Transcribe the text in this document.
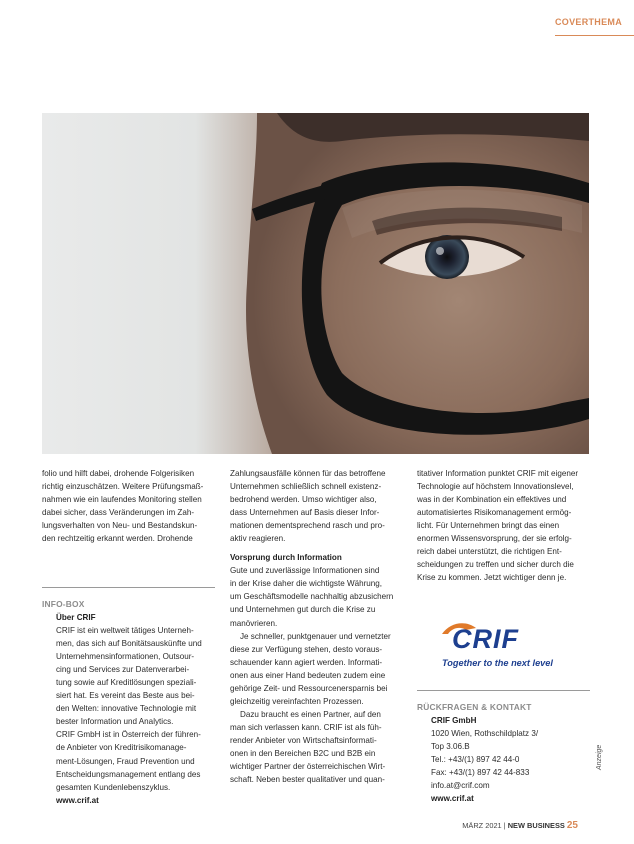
COVERTHEMA

folio und hilft dabei, drohende Folgerisiken

richtig einzuschätzen. Weitere Prüfungsmaß-

nahmen wie ein laufendes Monitoring stellen

dabei sicher, dass Veränderungen im Zah-

lungsverhalten von Neu- und Bestandskun-

den rechtzeitig erkannt werden. Drohende

INFO-BOX

Über CRIF

CRIF ist ein weltweit tätiges Unterneh-

men, das sich auf Bonitätsauskünfte und

Unternehmensinformationen, Outsour-

cing und Services zur Datenverarbei-

tung sowie auf Kreditlösungen speziali-

siert hat. Es vereint das Beste aus bei-

den Welten: innovative Technologie mit

bester Information und Analytics.

CRIF GmbH ist in Österreich der führen-

de Anbieter von Kreditrisikomanage-

ment-Lösungen, Fraud Prevention und

Entscheidungsmanagement entlang des

gesamten Kundenlebenszyklus.

www.crif.at

Zahlungsausfälle können für das betroffene

Unternehmen schließlich schnell existenz-

bedrohend werden. Umso wichtiger also,

dass Unternehmen auf Basis dieser Infor-

mationen dementsprechend rasch und pro-

aktiv reagieren.

Vorsprung durch Information

Gute und zuverlässige Informationen sind

in der Krise daher die wichtigste Währung,

um Geschäftsmodelle nachhaltig abzusichern

und Unternehmen gut durch die Krise zu

manövrieren.

Je schneller, punktgenauer und vernetzter

diese zur Verfügung stehen, desto voraus-

schauender kann agiert werden. Informati-

onen aus einer Hand bedeuten zudem eine

gehörige Zeit- und Ressourcenersparnis bei

gleichzeitig vereinfachten Prozessen.

Dazu braucht es einen Partner, auf den

man sich verlassen kann. CRIF ist als füh-

render Anbieter von Wirtschaftsinformati-

onen in den Bereichen B2C und B2B ein

wichtiger Partner der österreichischen Wirt-

schaft. Neben bester qualitativer und quan-

titativer Information punktet CRIF mit eigener

Technologie auf höchstem Innovationslevel,

was in der Kombination ein effektives und

automatisiertes Risikomanagement ermög-

licht. Für Unternehmen bringt das einen

enormen Wissensvorsprung, der sie erfolg-

reich dabei unterstützt, die richtigen Ent-

scheidungen zu treffen und sicher durch die

Krise zu kommen. Jetzt wichtiger denn je.

CRIF
Together to the next level
RÜCKFRAGEN & KONTAKT

CRIF GmbH

1020 Wien, Rothschildplatz 3/

Top 3.06.B

Tel.: +43/(1) 897 42 44-0

Fax: +43/(1) 897 42 44-833

info.at@crif.com

www.crif.at

Anzeige
MÄRZ 2021 | NEW BUSINESS 25
